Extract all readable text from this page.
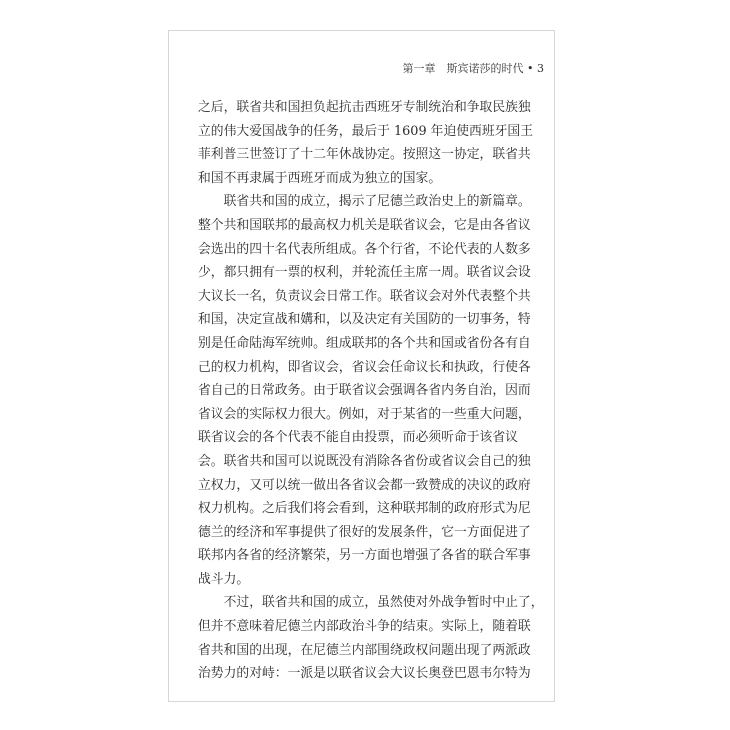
第一章　斯宾诺莎的时代 • 3

之后，联省共和国担负起抗击西班牙专制统治和争取民族独

立的伟大爱国战争的任务，最后于 1609 年迫使西班牙国王

菲利普三世签订了十二年休战协定。按照这一协定，联省共

和国不再隶属于西班牙而成为独立的国家。

　　联省共和国的成立，揭示了尼德兰政治史上的新篇章。

整个共和国联邦的最高权力机关是联省议会，它是由各省议

会选出的四十名代表所组成。各个行省，不论代表的人数多

少，都只拥有一票的权利，并轮流任主席一周。联省议会设

大议长一名，负责议会日常工作。联省议会对外代表整个共

和国，决定宣战和媾和，以及决定有关国防的一切事务，特

别是任命陆海军统帅。组成联邦的各个共和国或省份各有自

己的权力机构，即省议会，省议会任命议长和执政，行使各

省自己的日常政务。由于联省议会强调各省内务自治，因而

省议会的实际权力很大。例如，对于某省的一些重大问题，

联省议会的各个代表不能自由投票，而必须听命于该省议

会。联省共和国可以说既没有消除各省份或省议会自己的独

立权力，又可以统一做出各省议会都一致赞成的决议的政府

权力机构。之后我们将会看到，这种联邦制的政府形式为尼

德兰的经济和军事提供了很好的发展条件，它一方面促进了

联邦内各省的经济繁荣，另一方面也增强了各省的联合军事

战斗力。

　　不过，联省共和国的成立，虽然使对外战争暂时中止了，

但并不意味着尼德兰内部政治斗争的结束。实际上，随着联

省共和国的出现，在尼德兰内部围绕政权问题出现了两派政

治势力的对峙：一派是以联省议会大议长奥登巴恩韦尔特为
